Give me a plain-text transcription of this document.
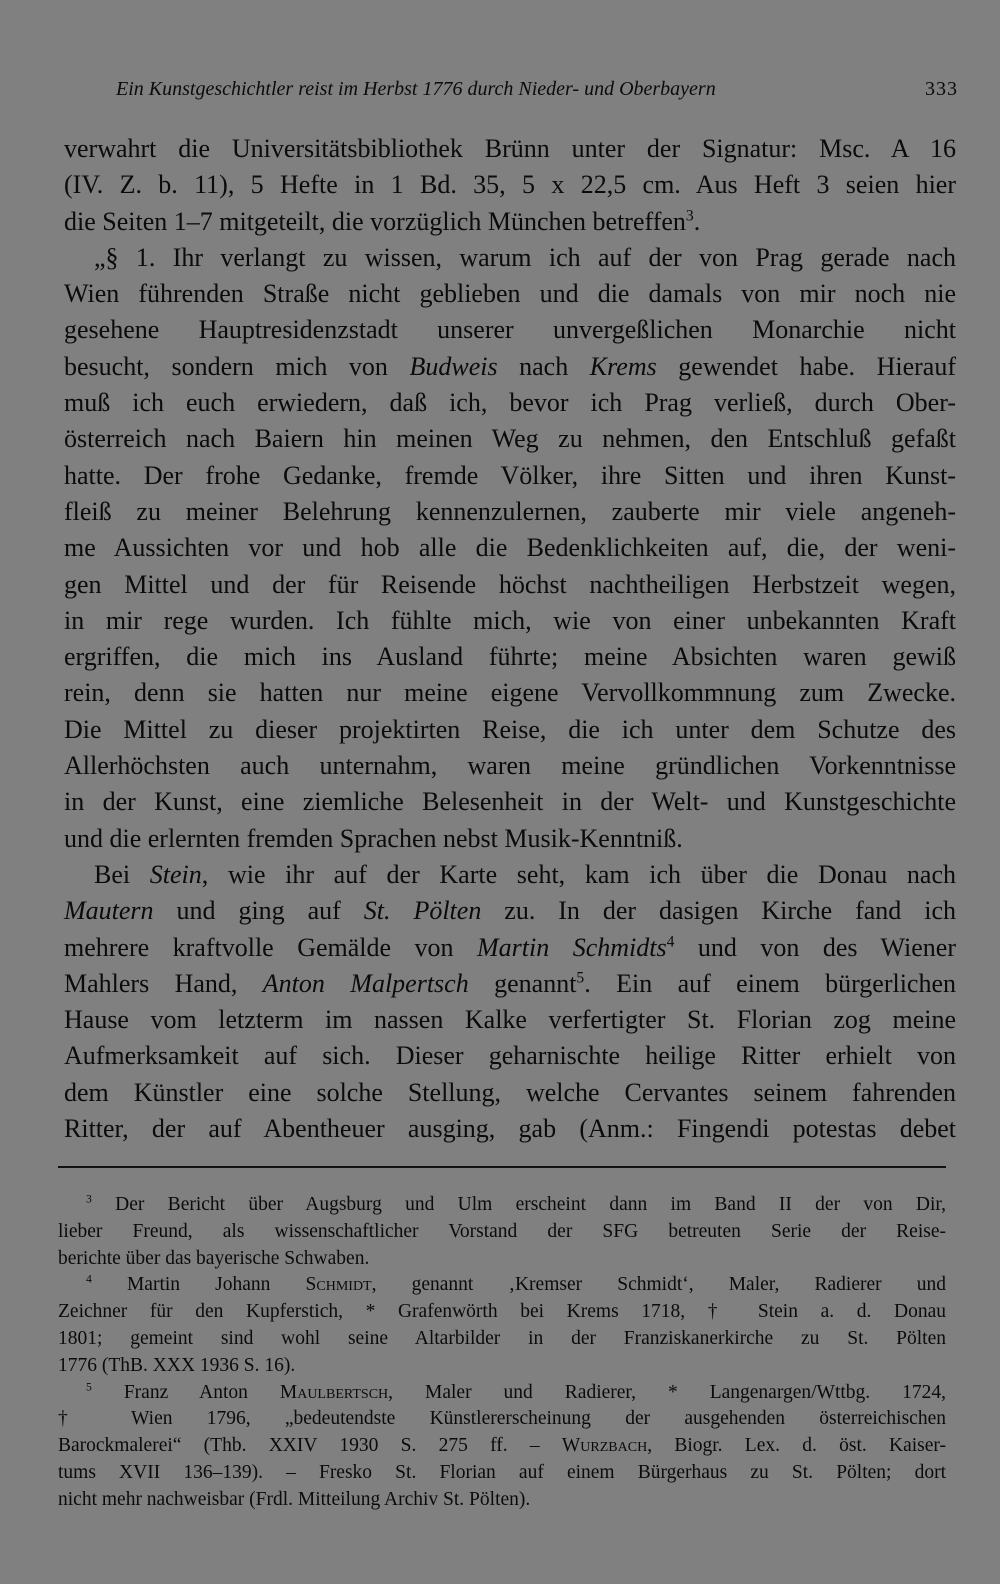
Ein Kunstgeschichtler reist im Herbst 1776 durch Nieder- und Oberbayern	333
verwahrt die Universitätsbibliothek Brünn unter der Signatur: Msc. A 16
(IV. Z. b. 11), 5 Hefte in 1 Bd. 35, 5 x 22,5 cm. Aus Heft 3 seien hier
die Seiten 1–7 mitgeteilt, die vorzüglich München betreffen$^3$.
„§ 1. Ihr verlangt zu wissen, warum ich auf der von Prag gerade nach
Wien führenden Straße nicht geblieben und die damals von mir noch nie
gesehene Hauptresidenzstadt unserer unvergeßlichen Monarchie nicht
besucht, sondern mich von Budweis nach Krems gewendet habe. Hierauf
muß ich euch erwiedern, daß ich, bevor ich Prag verließ, durch Ober-
österreich nach Baiern hin meinen Weg zu nehmen, den Entschluß gefaßt
hatte. Der frohe Gedanke, fremde Völker, ihre Sitten und ihren Kunst-
fleiß zu meiner Belehrung kennenzulernen, zauberte mir viele angeneh-
me Aussichten vor und hob alle die Bedenklichkeiten auf, die, der weni-
gen Mittel und der für Reisende höchst nachtheiligen Herbstzeit wegen,
in mir rege wurden. Ich fühlte mich, wie von einer unbekannten Kraft
ergriffen, die mich ins Ausland führte; meine Absichten waren gewiß
rein, denn sie hatten nur meine eigene Vervollkommnung zum Zwecke.
Die Mittel zu dieser projektirten Reise, die ich unter dem Schutze des
Allerhöchsten auch unternahm, waren meine gründlichen Vorkenntnisse
in der Kunst, eine ziemliche Belesenheit in der Welt- und Kunstgeschichte
und die erlernten fremden Sprachen nebst Musik-Kenntniß.
Bei Stein, wie ihr auf der Karte seht, kam ich über die Donau nach
Mautern und ging auf St. Pölten zu. In der dasigen Kirche fand ich
mehrere kraftvolle Gemälde von Martin Schmidts$^4$ und von des Wiener
Mahlers Hand, Anton Malpertsch genannt$^5$. Ein auf einem bürgerlichen
Hause vom letzterm im nassen Kalke verfertigter St. Florian zog meine
Aufmerksamkeit auf sich. Dieser geharnischte heilige Ritter erhielt von
dem Künstler eine solche Stellung, welche Cervantes seinem fahrenden
Ritter, der auf Abentheuer ausging, gab (Anm.: Fingendi potestas debet
$^3$ Der Bericht über Augsburg und Ulm erscheint dann im Band II der von Dir,
lieber Freund, als wissenschaftlicher Vorstand der SFG betreuten Serie der Reise-
berichte über das bayerische Schwaben.
$^4$ Martin Johann Schmidt, genannt ‚Kremser Schmidt‘, Maler, Radierer und
Zeichner für den Kupferstich, * Grafenwörth bei Krems 1718, † Stein a. d. Donau
1801; gemeint sind wohl seine Altarbilder in der Franziskanerkirche zu St. Pölten
1776 (ThB. XXX 1936 S. 16).
$^5$ Franz Anton Maulbertsch, Maler und Radierer, * Langenargen/Wttbg. 1724,
† Wien 1796, „bedeutendste Künstlererscheinung der ausgehenden österreichischen
Barockmalerei“ (Thb. XXIV 1930 S. 275 ff. – Wurzbach, Biogr. Lex. d. öst. Kaiser-
tums XVII 136–139). – Fresko St. Florian auf einem Bürgerhaus zu St. Pölten; dort
nicht mehr nachweisbar (Frdl. Mitteilung Archiv St. Pölten).
